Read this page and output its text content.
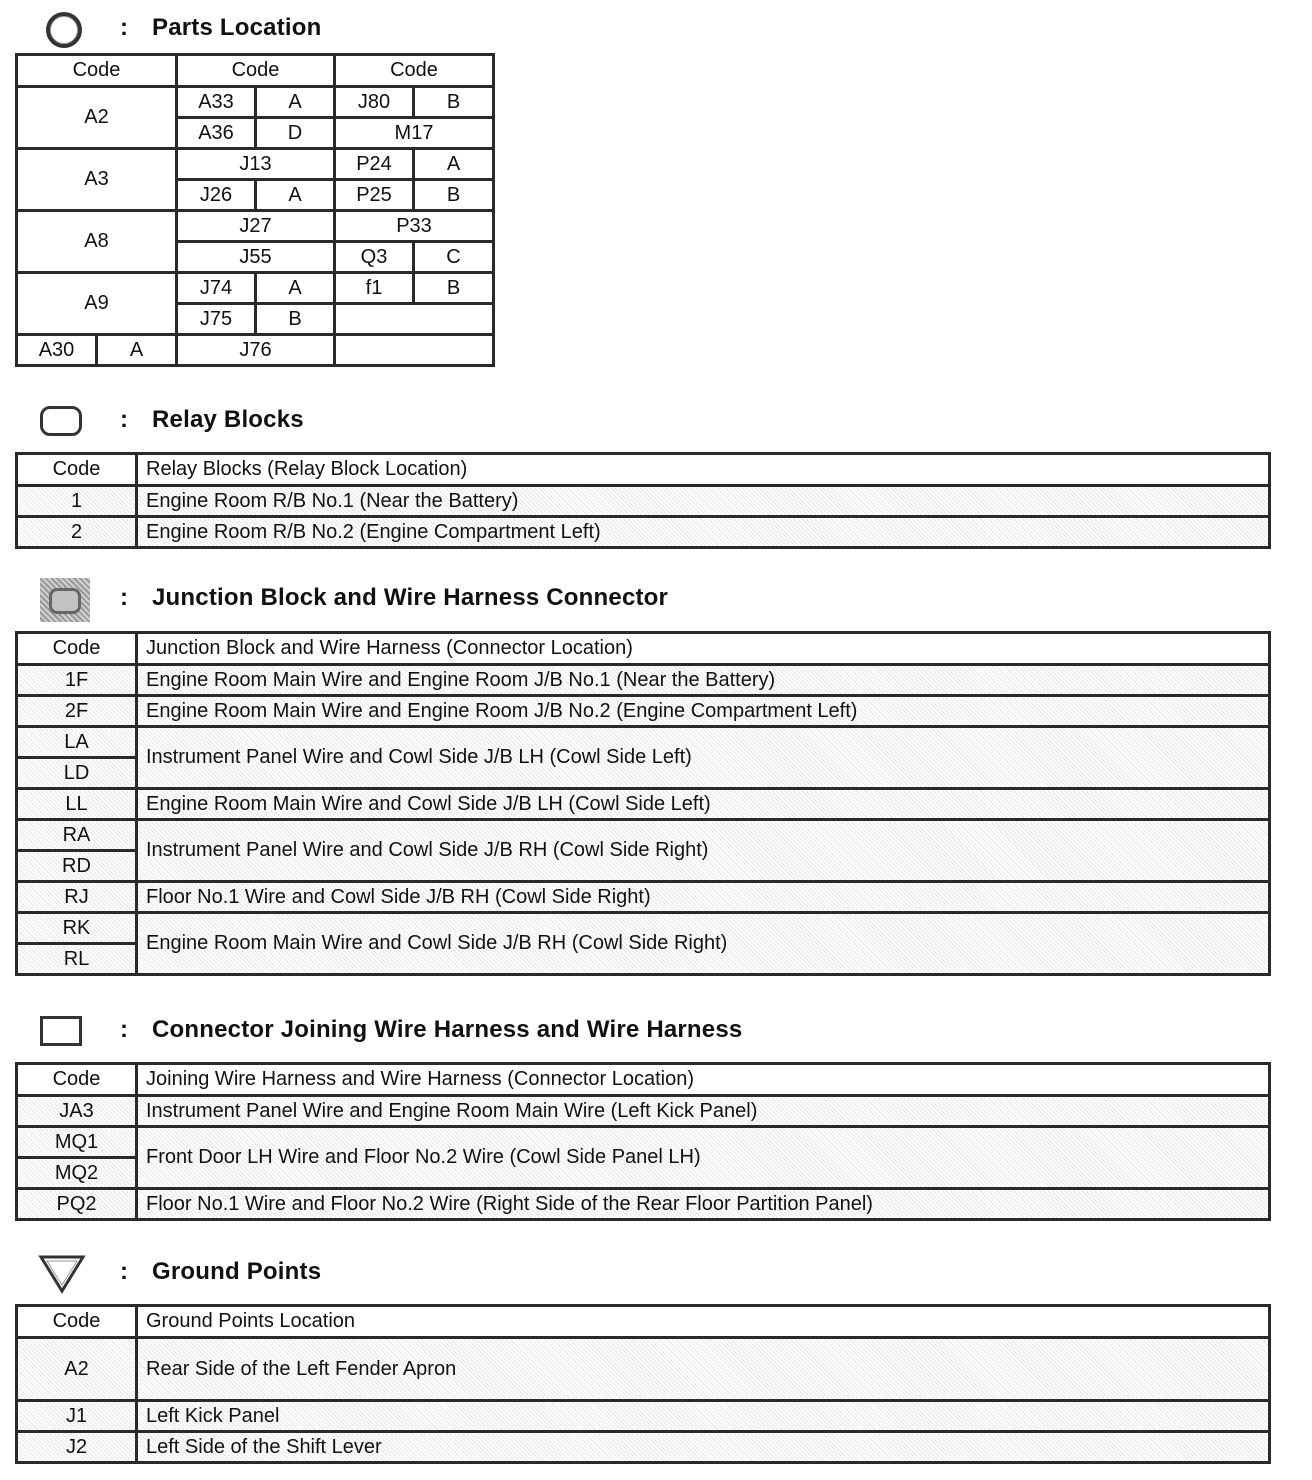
: Parts Location
Code		Code		Code	
A2		A33	A	J80	B
		A36	D	M17	
A3		J13		P24	A
		J26	A	P25	B
A8		J27		P33	
		J55		Q3	C
A9		J74	A	f1	B
		J75	B		
A30	A	J76			
: Relay Blocks
Code	Relay Blocks (Relay Block Location)
1	Engine Room R/B No.1 (Near the Battery)
2	Engine Room R/B No.2 (Engine Compartment Left)
: Junction Block and Wire Harness Connector
Code	Junction Block and Wire Harness (Connector Location)
1F	Engine Room Main Wire and Engine Room J/B No.1 (Near the Battery)
2F	Engine Room Main Wire and Engine Room J/B No.2 (Engine Compartment Left)
LA	Instrument Panel Wire and Cowl Side J/B LH (Cowl Side Left)
LD	
LL	Engine Room Main Wire and Cowl Side J/B LH (Cowl Side Left)
RA	Instrument Panel Wire and Cowl Side J/B RH (Cowl Side Right)
RD	
RJ	Floor No.1 Wire and Cowl Side J/B RH (Cowl Side Right)
RK	Engine Room Main Wire and Cowl Side J/B RH (Cowl Side Right)
RL	
: Connector Joining Wire Harness and Wire Harness
Code	Joining Wire Harness and Wire Harness (Connector Location)
JA3	Instrument Panel Wire and Engine Room Main Wire (Left Kick Panel)
MQ1	Front Door LH Wire and Floor No.2 Wire (Cowl Side Panel LH)
MQ2	
PQ2	Floor No.1 Wire and Floor No.2 Wire (Right Side of the Rear Floor Partition Panel)
: Ground Points
Code	Ground Points Location
A2	Rear Side of the Left Fender Apron
J1	Left Kick Panel
J2	Left Side of the Shift Lever
